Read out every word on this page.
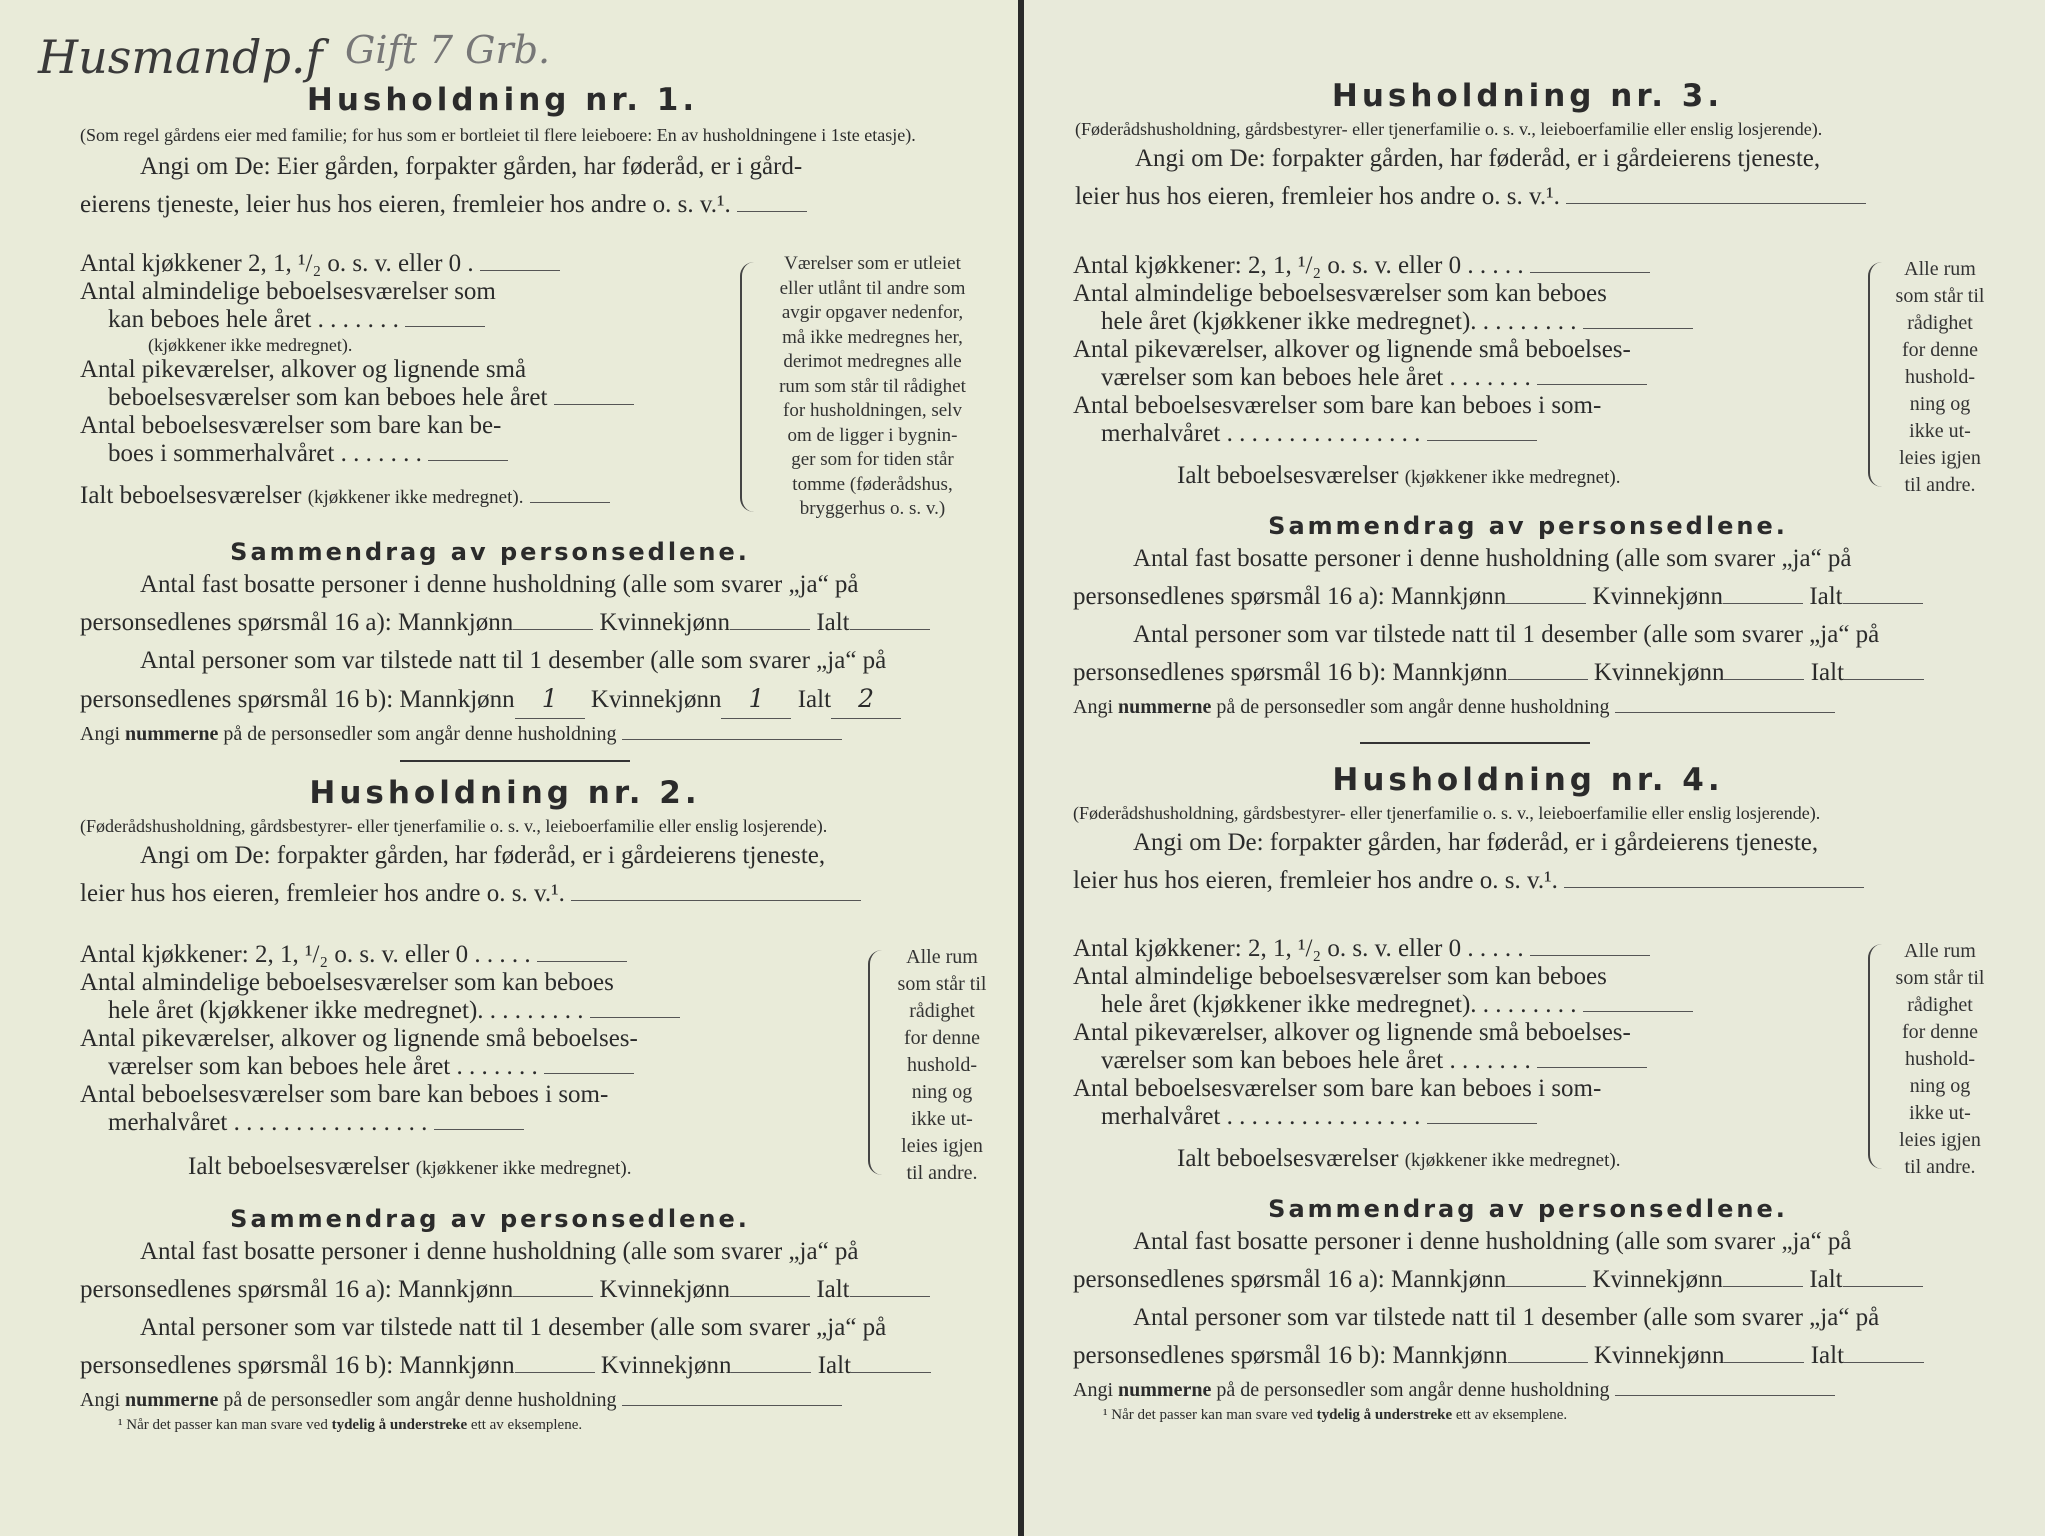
Husmandp.f Gift 7 Grb.
Husholdning nr. 1.
(Som regel gårdens eier med familie; for hus som er bortleiet til flere leieboere: En av husholdningene i 1ste etasje).
Angi om De: Eier gården, forpakter gården, har føderåd, er i gård-
eierens tjeneste, leier hus hos eieren, fremleier hos andre o. s. v.¹.
Antal kjøkkener 2, 1, ¹/₂ o. s. v. eller 0 .
Antal almindelige beboelsesværelser som
kan beboes hele året . . . . . . .
(kjøkkener ikke medregnet).
Antal pikeværelser, alkover og lignende små
beboelsesværelser som kan beboes hele året
Antal beboelsesværelser som bare kan be-
boes i sommerhalvåret . . . . . . .
Ialt beboelsesværelser (kjøkkener ikke medregnet).
Værelser som er utleiet
eller utlånt til andre som
avgir opgaver nedenfor,
må ikke medregnes her,
derimot medregnes alle
rum som står til rådighet
for husholdningen, selv
om de ligger i bygnin-
ger som for tiden står
tomme (føderådshus,
bryggerhus o. s. v.)
Sammendrag av personsedlene.
Antal fast bosatte personer i denne husholdning (alle som svarer „ja“ på
personsedlenes spørsmål 16 a): Mannkjønn	Kvinnekjønn	Ialt
Antal personer som var tilstede natt til 1 desember (alle som svarer „ja“ på
personsedlenes spørsmål 16 b): Mannkjønn 1 Kvinnekjønn 1 Ialt 2
Angi nummerne på de personsedler som angår denne husholdning
Husholdning nr. 2.
(Føderådshusholdning, gårdsbestyrer- eller tjenerfamilie o. s. v., leieboerfamilie eller enslig losjerende).
Angi om De: forpakter gården, har føderåd, er i gårdeierens tjeneste,
leier hus hos eieren, fremleier hos andre o. s. v.¹.
Antal kjøkkener: 2, 1, ¹/₂ o. s. v. eller 0 . . . . .
Antal almindelige beboelsesværelser som kan beboes
hele året (kjøkkener ikke medregnet). . . . . . . . .
Antal pikeværelser, alkover og lignende små beboelses-
værelser som kan beboes hele året . . . . . . .
Antal beboelsesværelser som bare kan beboes i som-
merhalvåret . . . . . . . . . . . . . . . .
Ialt beboelsesværelser (kjøkkener ikke medregnet).
Alle rum
som står til
rådighet
for denne
hushold-
ning og
ikke ut-
leies igjen
til andre.
Sammendrag av personsedlene.
Antal fast bosatte personer i denne husholdning (alle som svarer „ja“ på
personsedlenes spørsmål 16 a): Mannkjønn	Kvinnekjønn	Ialt
Antal personer som var tilstede natt til 1 desember (alle som svarer „ja“ på
personsedlenes spørsmål 16 b): Mannkjønn	Kvinnekjønn	Ialt
Angi nummerne på de personsedler som angår denne husholdning
¹ Når det passer kan man svare ved tydelig å understreke ett av eksemplene.
Husholdning nr. 3.
(Føderådshusholdning, gårdsbestyrer- eller tjenerfamilie o. s. v., leieboerfamilie eller enslig losjerende).
Angi om De: forpakter gården, har føderåd, er i gårdeierens tjeneste,
leier hus hos eieren, fremleier hos andre o. s. v.¹.
Antal kjøkkener: 2, 1, ¹/₂ o. s. v. eller 0 . . . . .
Antal almindelige beboelsesværelser som kan beboes
hele året (kjøkkener ikke medregnet). . . . . . . . .
Antal pikeværelser, alkover og lignende små beboelses-
værelser som kan beboes hele året . . . . . . .
Antal beboelsesværelser som bare kan beboes i som-
merhalvåret . . . . . . . . . . . . . . . .
Ialt beboelsesværelser (kjøkkener ikke medregnet).
Alle rum
som står til
rådighet
for denne
hushold-
ning og
ikke ut-
leies igjen
til andre.
Sammendrag av personsedlene.
Antal fast bosatte personer i denne husholdning (alle som svarer „ja“ på
personsedlenes spørsmål 16 a): Mannkjønn	Kvinnekjønn	Ialt
Antal personer som var tilstede natt til 1 desember (alle som svarer „ja“ på
personsedlenes spørsmål 16 b): Mannkjønn	Kvinnekjønn	Ialt
Angi nummerne på de personsedler som angår denne husholdning
Husholdning nr. 4.
(Føderådshusholdning, gårdsbestyrer- eller tjenerfamilie o. s. v., leieboerfamilie eller enslig losjerende).
Angi om De: forpakter gården, har føderåd, er i gårdeierens tjeneste,
leier hus hos eieren, fremleier hos andre o. s. v.¹.
Antal kjøkkener: 2, 1, ¹/₂ o. s. v. eller 0 . . . . .
Antal almindelige beboelsesværelser som kan beboes
hele året (kjøkkener ikke medregnet). . . . . . . . .
Antal pikeværelser, alkover og lignende små beboelses-
værelser som kan beboes hele året . . . . . . .
Antal beboelsesværelser som bare kan beboes i som-
merhalvåret . . . . . . . . . . . . . . . .
Ialt beboelsesværelser (kjøkkener ikke medregnet).
Alle rum
som står til
rådighet
for denne
hushold-
ning og
ikke ut-
leies igjen
til andre.
Sammendrag av personsedlene.
Antal fast bosatte personer i denne husholdning (alle som svarer „ja“ på
personsedlenes spørsmål 16 a): Mannkjønn	Kvinnekjønn	Ialt
Antal personer som var tilstede natt til 1 desember (alle som svarer „ja“ på
personsedlenes spørsmål 16 b): Mannkjønn	Kvinnekjønn	Ialt
Angi nummerne på de personsedler som angår denne husholdning
¹ Når det passer kan man svare ved tydelig å understreke ett av eksemplene.
